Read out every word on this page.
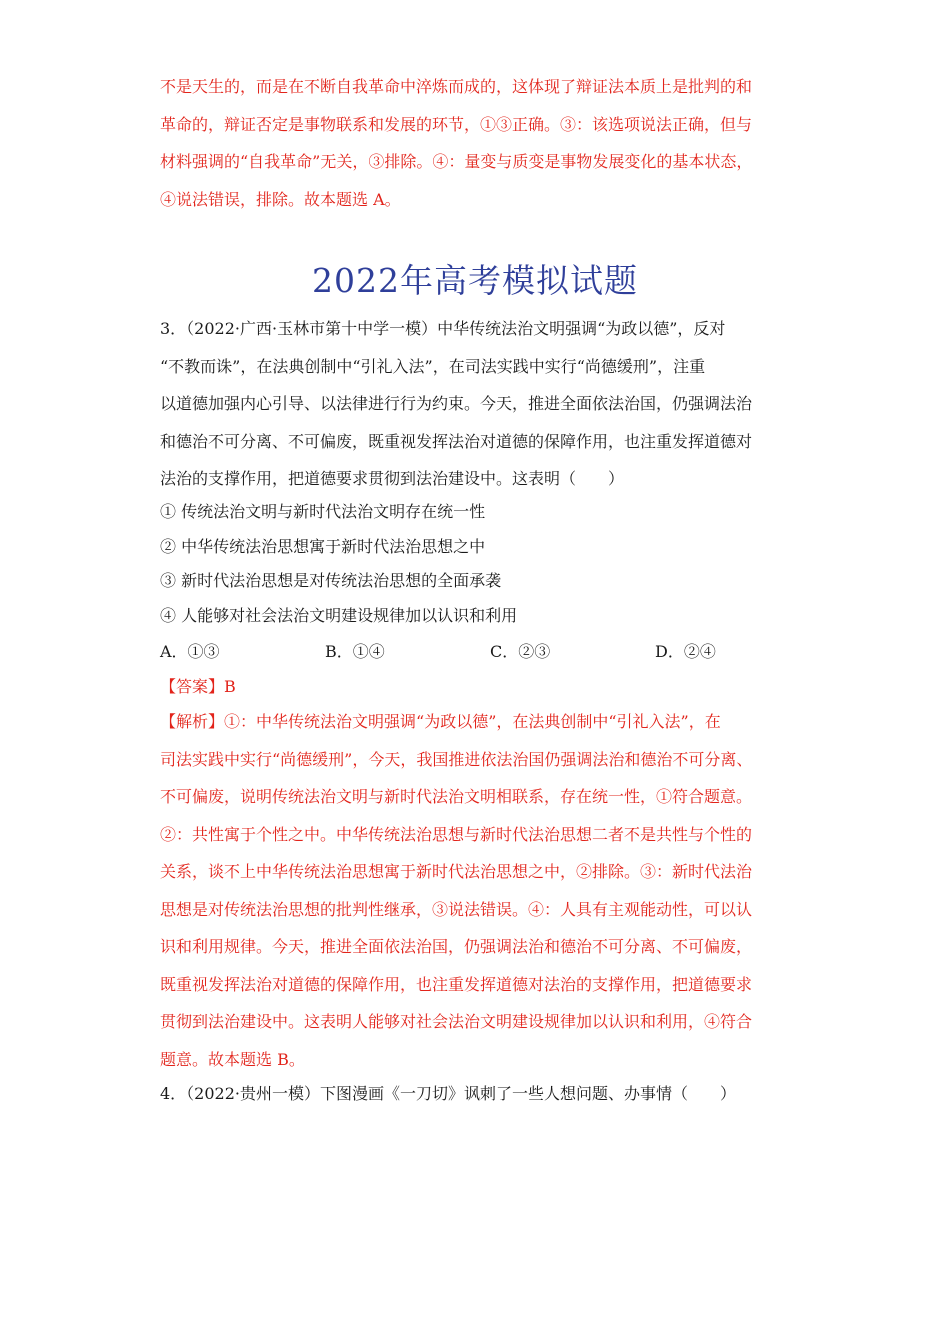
不是天生的，而是在不断自我革命中淬炼而成的，这体现了辩证法本质上是批判的和
革命的，辩证否定是事物联系和发展的环节，①③正确。③：该选项说法正确，但与
材料强调的“自我革命”无关，③排除。④：量变与质变是事物发展变化的基本状态，
④说法错误，排除。故本题选 A。
2022年高考模拟试题
3．（2022·广西·玉林市第十中学一模）中华传统法治文明强调“为政以德”，反对
“不教而诛”，在法典创制中“引礼入法”，在司法实践中实行“尚德缓刑”，注重
以道德加强内心引导、以法律进行行为约束。今天，推进全面依法治国，仍强调法治
和德治不可分离、不可偏废，既重视发挥法治对道德的保障作用，也注重发挥道德对
法治的支撑作用，把道德要求贯彻到法治建设中。这表明（　　）
① 传统法治文明与新时代法治文明存在统一性
② 中华传统法治思想寓于新时代法治思想之中
③ 新时代法治思想是对传统法治思想的全面承袭
④ 人能够对社会法治文明建设规律加以认识和利用
A．①③	B．①④	C．②③	D．②④
【答案】B
【解析】①：中华传统法治文明强调“为政以德”，在法典创制中“引礼入法”，在
司法实践中实行“尚德缓刑”，今天，我国推进依法治国仍强调法治和德治不可分离、
不可偏废，说明传统法治文明与新时代法治文明相联系，存在统一性，①符合题意。
②：共性寓于个性之中。中华传统法治思想与新时代法治思想二者不是共性与个性的
关系，谈不上中华传统法治思想寓于新时代法治思想之中，②排除。③：新时代法治
思想是对传统法治思想的批判性继承，③说法错误。④：人具有主观能动性，可以认
识和利用规律。今天，推进全面依法治国，仍强调法治和德治不可分离、不可偏废，
既重视发挥法治对道德的保障作用，也注重发挥道德对法治的支撑作用，把道德要求
贯彻到法治建设中。这表明人能够对社会法治文明建设规律加以认识和利用，④符合
题意。故本题选 B。
4．（2022·贵州一模）下图漫画《一刀切》讽刺了一些人想问题、办事情（　　）
